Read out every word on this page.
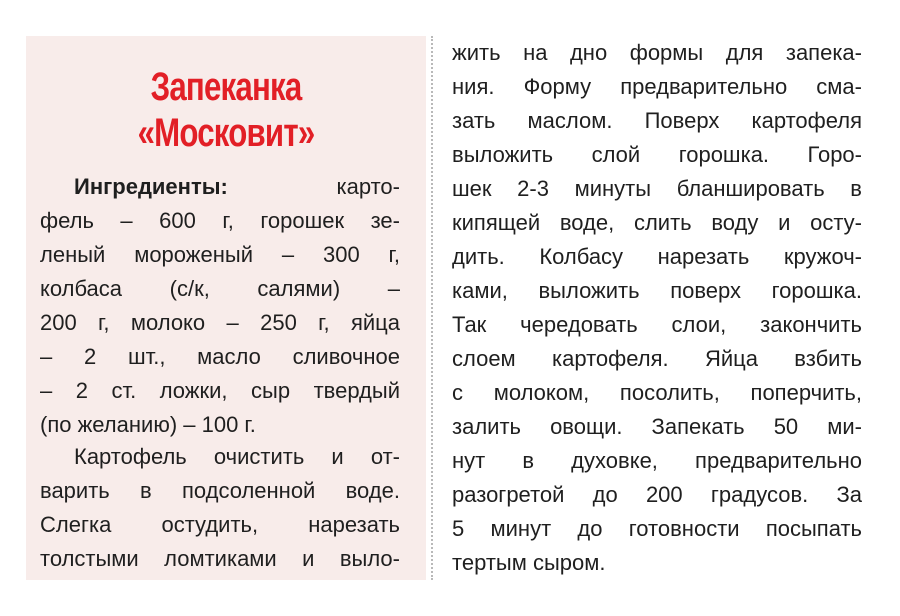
Запеканка
«Московит»
Ингредиенты:	карто-
фель – 600 г, горошек зе-
леный мороженый – 300 г,
колбаса (с/к, салями) –
200 г, молоко – 250 г, яйца
– 2 шт., масло сливочное
– 2 ст. ложки, сыр твердый
(по желанию) – 100 г.
Картофель очистить и от-
варить в подсоленной воде.
Слегка остудить, нарезать
толстыми ломтиками и выло-
жить на дно формы для запека-
ния. Форму предварительно сма-
зать маслом. Поверх картофеля
выложить слой горошка. Горо-
шек 2-3 минуты бланшировать в
кипящей воде, слить воду и осту-
дить. Колбасу нарезать кружоч-
ками, выложить поверх горошка.
Так чередовать слои, закончить
слоем картофеля. Яйца взбить
с молоком, посолить, поперчить,
залить овощи. Запекать 50 ми-
нут в духовке, предварительно
разогретой до 200 градусов. За
5 минут до готовности посыпать
тертым сыром.
